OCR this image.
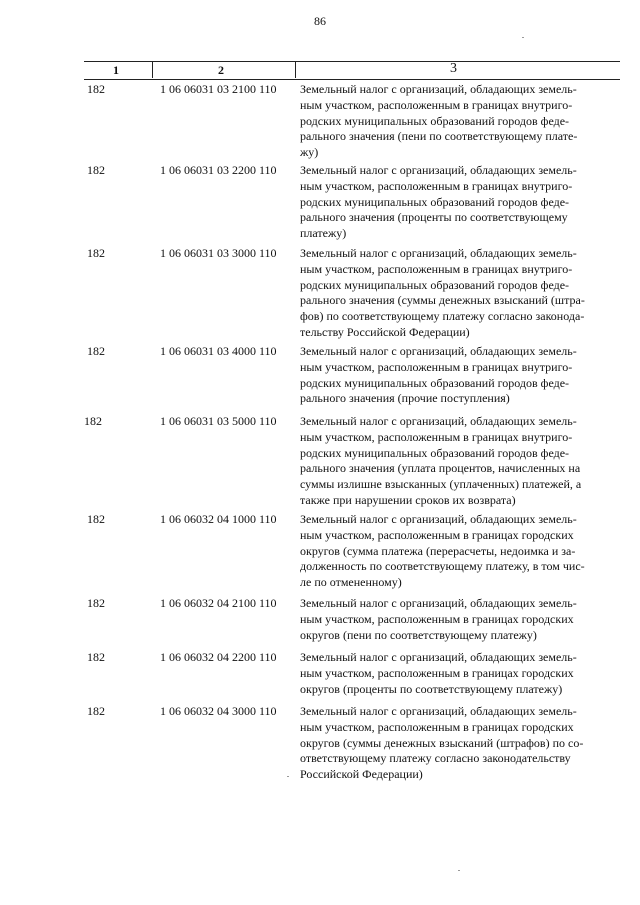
86
1	2	3
182	1 06 06031 03 2100 110	Земельный налог с организаций, обладающих земель-
ным участком, расположенным в границах внутриго-
родских муниципальных образований городов феде-
рального значения (пени по соответствующему плате-
жу)
182	1 06 06031 03 2200 110	Земельный налог с организаций, обладающих земель-
ным участком, расположенным в границах внутриго-
родских муниципальных образований городов феде-
рального значения (проценты по соответствующему
платежу)
182	1 06 06031 03 3000 110	Земельный налог с организаций, обладающих земель-
ным участком, расположенным в границах внутриго-
родских муниципальных образований городов феде-
рального значения (суммы денежных взысканий (штра-
фов) по соответствующему платежу согласно законода-
тельству Российской Федерации)
182	1 06 06031 03 4000 110	Земельный налог с организаций, обладающих земель-
ным участком, расположенным в границах внутриго-
родских муниципальных образований городов феде-
рального значения (прочие поступления)
182	1 06 06031 03 5000 110	Земельный налог с организаций, обладающих земель-
ным участком, расположенным в границах внутриго-
родских муниципальных образований городов феде-
рального значения (уплата процентов, начисленных на
суммы излишне взысканных (уплаченных) платежей, а
также при нарушении сроков их возврата)
182	1 06 06032 04 1000 110	Земельный налог с организаций, обладающих земель-
ным участком, расположенным в границах городских
округов (сумма платежа (перерасчеты, недоимка и за-
долженность по соответствующему платежу, в том чис-
ле по отмененному)
182	1 06 06032 04 2100 110	Земельный налог с организаций, обладающих земель-
ным участком, расположенным в границах городских
округов (пени по соответствующему платежу)
182	1 06 06032 04 2200 110	Земельный налог с организаций, обладающих земель-
ным участком, расположенным в границах городских
округов (проценты по соответствующему платежу)
182	1 06 06032 04 3000 110	Земельный налог с организаций, обладающих земель-
ным участком, расположенным в границах городских
округов (суммы денежных взысканий (штрафов) по со-
ответствующему платежу согласно законодательству
Российской Федерации)
